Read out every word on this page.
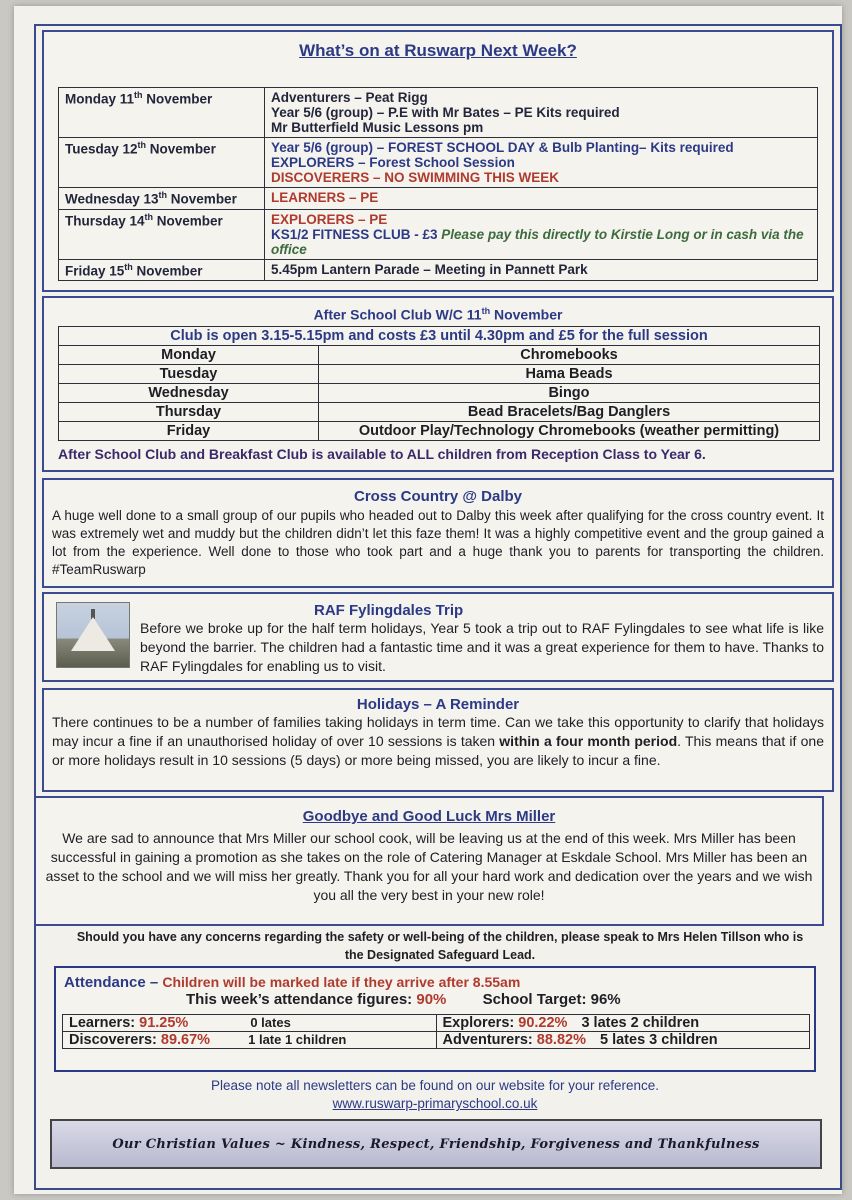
What’s on at Ruswarp Next Week?
Monday 11th November	Adventurers – Peat Rigg
Year 5/6 (group) – P.E with Mr Bates – PE Kits required
Mr Butterfield Music Lessons pm

Tuesday 12th November	Year 5/6 (group) – FOREST SCHOOL DAY & Bulb Planting– Kits required
EXPLORERS – Forest School Session
DISCOVERERS – NO SWIMMING THIS WEEK

Wednesday 13th November	LEARNERS – PE

Thursday 14th November	EXPLORERS – PE
KS1/2 FITNESS CLUB - £3 Please pay this directly to Kirstie Long or in cash via the office

Friday 15th November	5.45pm Lantern Parade – Meeting in Pannett Park
After School Club W/C 11th November
Club is open 3.15-5.15pm and costs £3 until 4.30pm and £5 for the full session	
Monday	Chromebooks
Tuesday	Hama Beads
Wednesday	Bingo
Thursday	Bead Bracelets/Bag Danglers
Friday	Outdoor Play/Technology Chromebooks (weather permitting)
After School Club and Breakfast Club is available to ALL children from Reception Class to Year 6.
Cross Country @ Dalby
A huge well done to a small group of our pupils who headed out to Dalby this week after qualifying for the cross country event. It was extremely wet and muddy but the children didn’t let this faze them! It was a highly competitive event and the group gained a lot from the experience. Well done to those who took part and a huge thank you to parents for transporting the children. #TeamRuswarp
RAF Fylingdales Trip
Before we broke up for the half term holidays, Year 5 took a trip out to RAF Fylingdales to see what life is like beyond the barrier. The children had a fantastic time and it was a great experience for them to have. Thanks to RAF Fylingdales for enabling us to visit.
Holidays – A Reminder
There continues to be a number of families taking holidays in term time. Can we take this opportunity to clarify that holidays may incur a fine if an unauthorised holiday of over 10 sessions is taken within a four month period. This means that if one or more holidays result in 10 sessions (5 days) or more being missed, you are likely to incur a fine.
Goodbye and Good Luck Mrs Miller
We are sad to announce that Mrs Miller our school cook, will be leaving us at the end of this week. Mrs Miller has been successful in gaining a promotion as she takes on the role of Catering Manager at Eskdale School. Mrs Miller has been an asset to the school and we will miss her greatly. Thank you for all your hard work and dedication over the years and we wish you all the very best in your new role!
Should you have any concerns regarding the safety or well-being of the children, please speak to Mrs Helen Tillson who is the Designated Safeguard Lead.
Attendance – Children will be marked late if they arrive after 8.55am
This week’s attendance figures: 90% School Target: 96%
Learners: 91.25% 0 lates	Explorers: 90.22% 3 lates 2 children
Discoverers: 89.67% 1 late 1 children	Adventurers: 88.82% 5 lates 3 children
Please note all newsletters can be found on our website for your reference.
www.ruswarp-primaryschool.co.uk
Our Christian Values ~ Kindness, Respect, Friendship, Forgiveness and Thankfulness
